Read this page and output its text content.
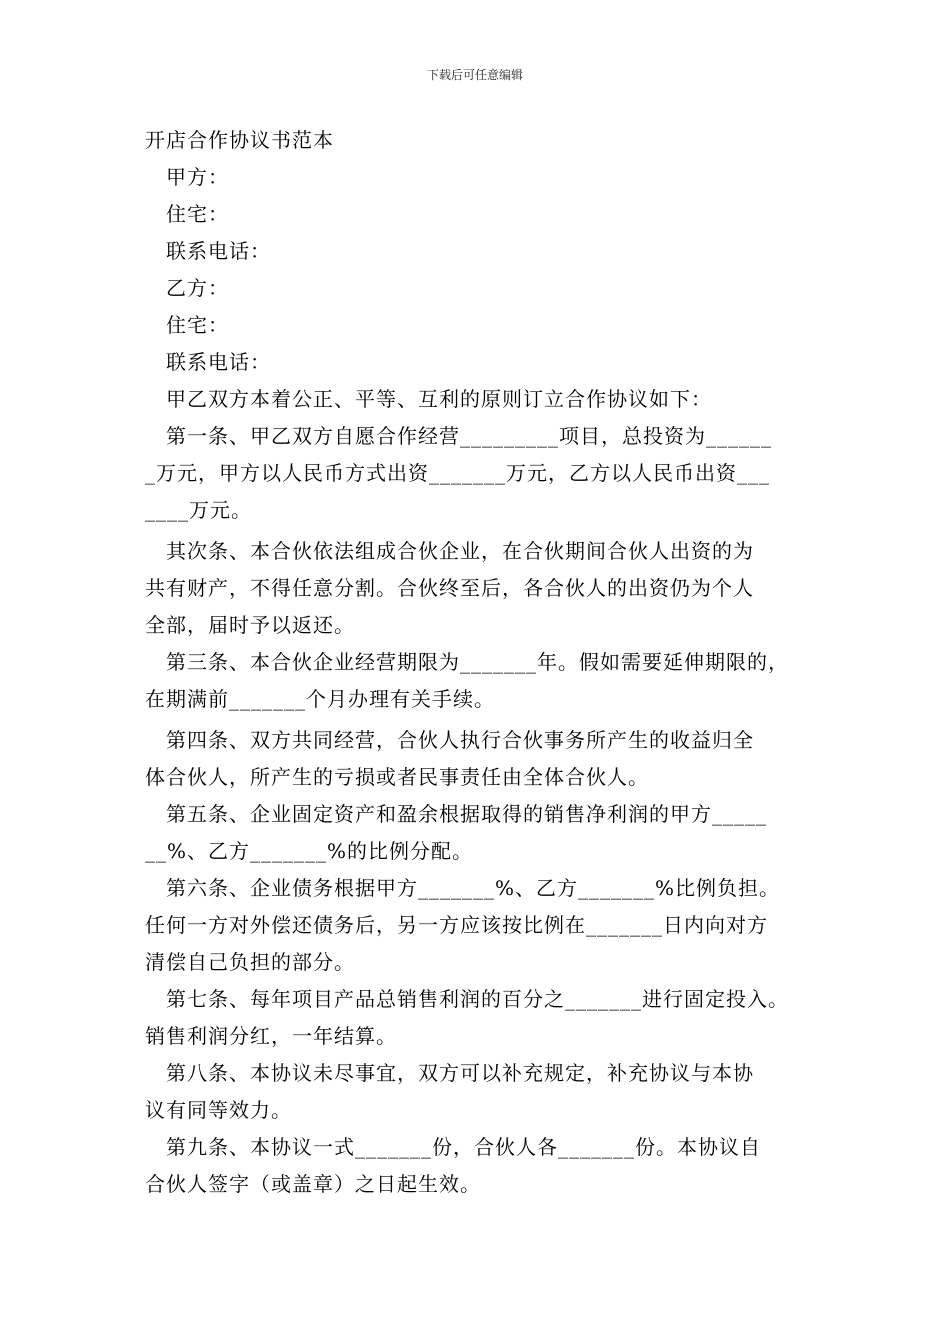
下载后可任意编辑
开店合作协议书范本
甲方：
住宅：
联系电话：
乙方：
住宅：
联系电话：
甲乙双方本着公正、平等、互利的原则订立合作协议如下：
第一条、甲乙双方自愿合作经营_________项目，总投资为______
_万元，甲方以人民币方式出资_______万元，乙方以人民币出资___
____万元。
其次条、本合伙依法组成合伙企业，在合伙期间合伙人出资的为
共有财产，不得任意分割。合伙终至后，各合伙人的出资仍为个人
全部，届时予以返还。
第三条、本合伙企业经营期限为_______年。假如需要延伸期限的，
在期满前_______个月办理有关手续。
第四条、双方共同经营，合伙人执行合伙事务所产生的收益归全
体合伙人，所产生的亏损或者民事责任由全体合伙人。
第五条、企业固定资产和盈余根据取得的销售净利润的甲方_____
__%、乙方_______%的比例分配。
第六条、企业债务根据甲方_______%、乙方_______%比例负担。
任何一方对外偿还债务后，另一方应该按比例在_______日内向对方
清偿自己负担的部分。
第七条、每年项目产品总销售利润的百分之_______进行固定投入。
销售利润分红，一年结算。
第八条、本协议未尽事宜，双方可以补充规定，补充协议与本协
议有同等效力。
第九条、本协议一式_______份，合伙人各_______份。本协议自
合伙人签字（或盖章）之日起生效。
